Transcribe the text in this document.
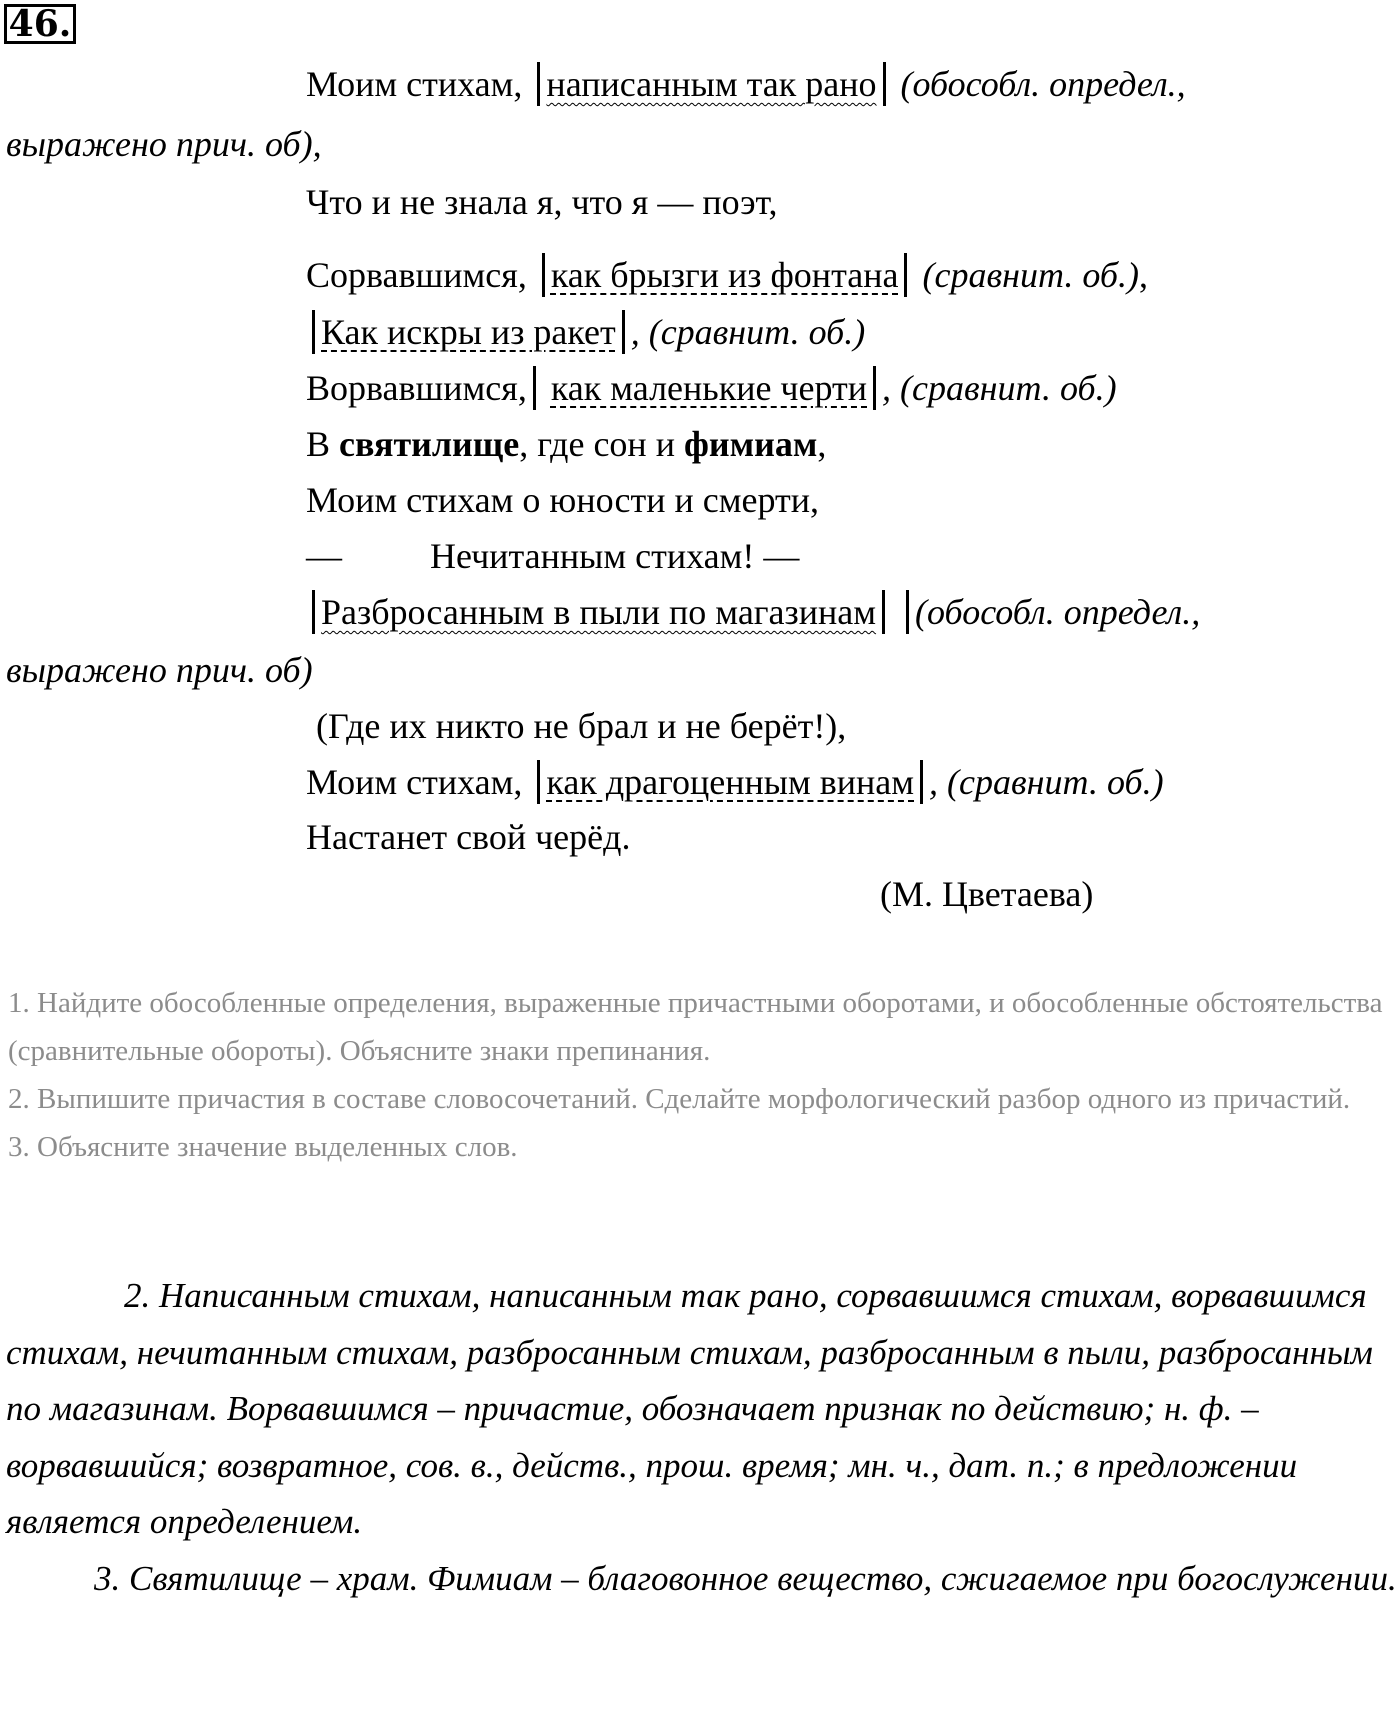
46.
Моим стихам, написанным так рано (обособл. определ.,
выражено прич. об),
Что и не знала я, что я — поэт,
Сорвавшимся, как брызги из фонтана (сравнит. об.),
Как искры из ракет , (сравнит. об.)
Ворвавшимся, как маленькие черти , (сравнит. об.)
В святилище, где сон и фимиам,
Моим стихам о юности и смерти,
— Нечитанным стихам! —
Разбросанным в пыли по магазинам (обособл. определ.,
выражено прич. об)
(Где их никто не брал и не берёт!),
Моим стихам, как драгоценным винам , (сравнит. об.)
Настанет свой черёд.
(М. Цветаева)
1. Найдите обособленные определения, выраженные причастными оборотами, и обособленные обстоятельства (сравнительные обороты). Объясните знаки препинания.
2. Выпишите причастия в составе словосочетаний. Сделайте морфологический разбор одного из причастий.
3. Объясните значение выделенных слов.

2. Написанным стихам, написанным так рано, сорвавшимся стихам, ворвавшимся стихам, нечитанным стихам, разбросанным стихам, разбросанным в пыли, разбросанным по магазинам. Ворвавшимся – причастие, обозначает признак по действию; н. ф. – ворвавшийся; возвратное, сов. в., действ., прош. время; мн. ч., дат. п.; в предложении является определением.

3. Святилище – храм. Фимиам – благовонное вещество, сжигаемое при богослужении.
